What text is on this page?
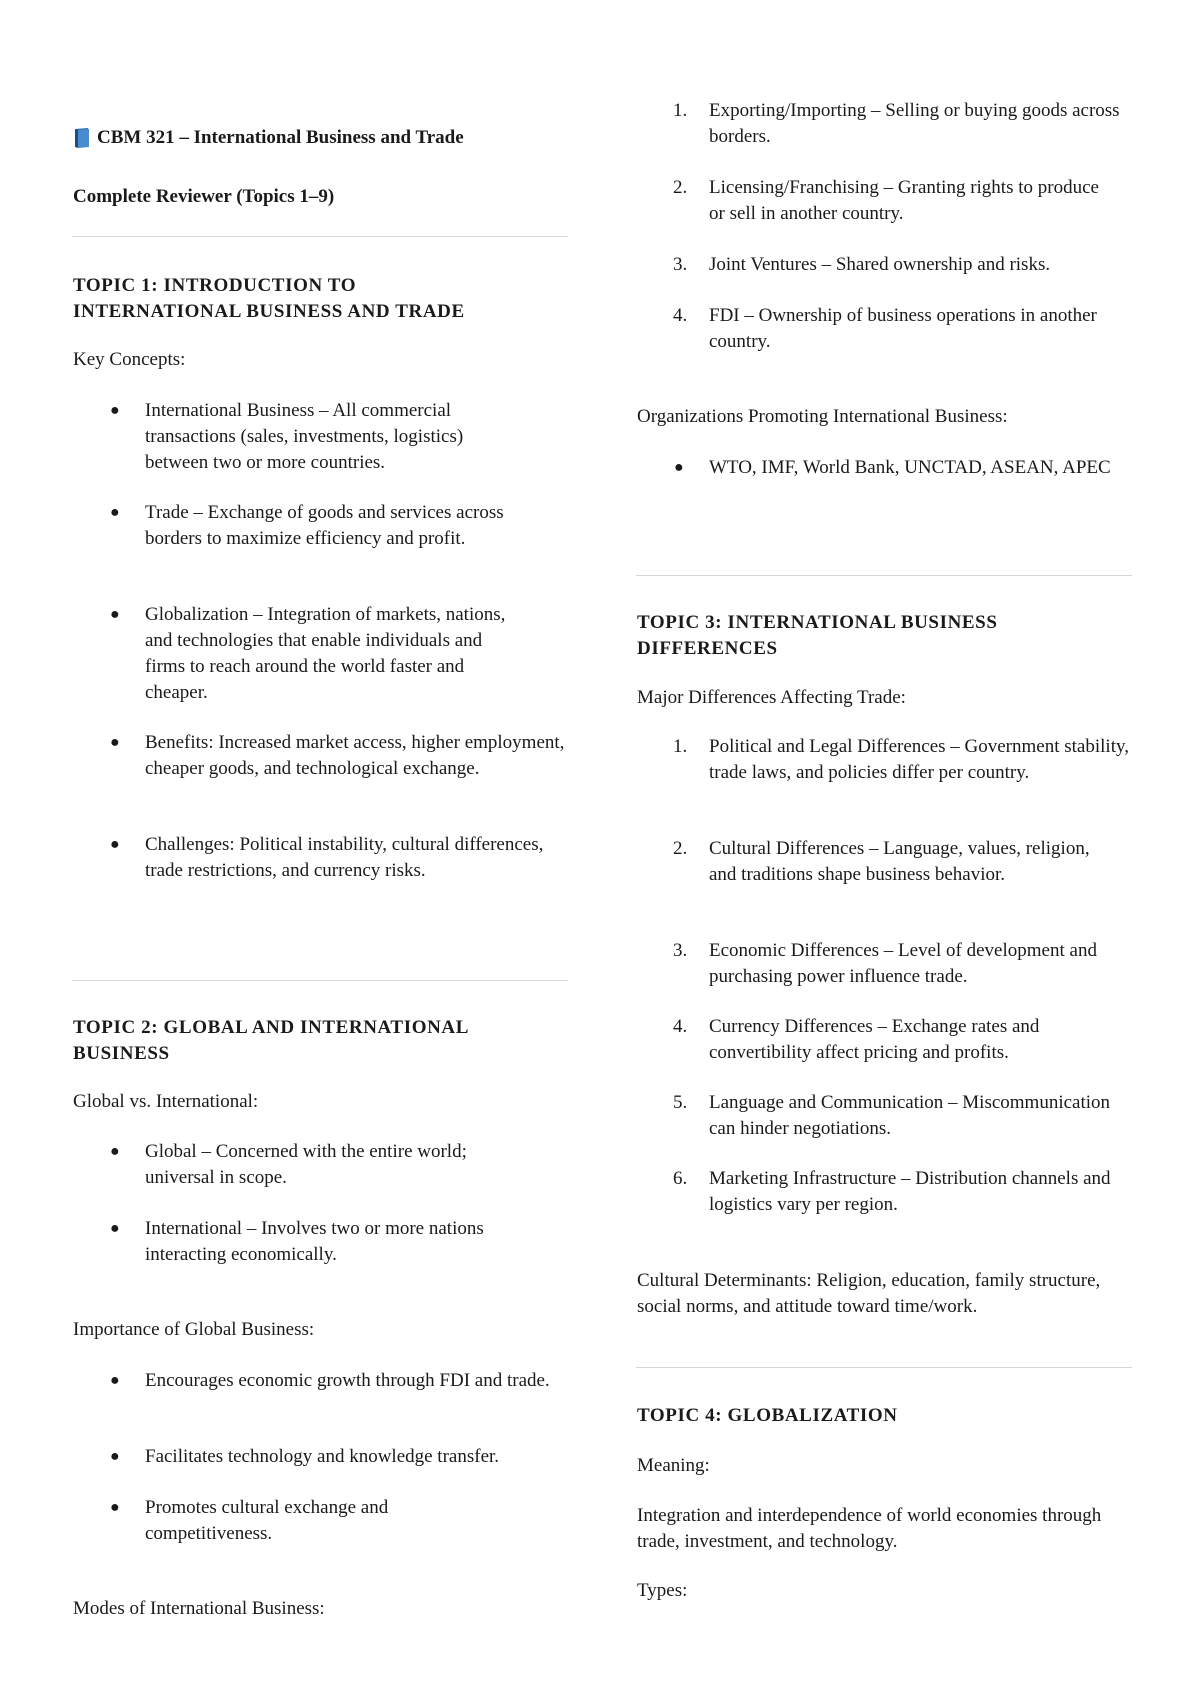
CBM 321 – International Business and Trade
Complete Reviewer (Topics 1–9)
TOPIC 1: INTRODUCTION TO
INTERNATIONAL BUSINESS AND TRADE
Key Concepts:
● International Business – All commercial transactions (sales, investments, logistics) between two or more countries.
● Trade – Exchange of goods and services across borders to maximize efficiency and profit.
● Globalization – Integration of markets, nations, and technologies that enable individuals and firms to reach around the world faster and cheaper.
● Benefits: Increased market access, higher employment, cheaper goods, and technological exchange.
● Challenges: Political instability, cultural differences, trade restrictions, and currency risks.
TOPIC 2: GLOBAL AND INTERNATIONAL
BUSINESS
Global vs. International:
● Global – Concerned with the entire world; universal in scope.
● International – Involves two or more nations interacting economically.
Importance of Global Business:
● Encourages economic growth through FDI and trade.
● Facilitates technology and knowledge transfer.
● Promotes cultural exchange and competitiveness.
Modes of International Business:
1. Exporting/Importing – Selling or buying goods across borders.
2. Licensing/Franchising – Granting rights to produce or sell in another country.
3. Joint Ventures – Shared ownership and risks.
4. FDI – Ownership of business operations in another country.
Organizations Promoting International Business:
● WTO, IMF, World Bank, UNCTAD, ASEAN, APEC
TOPIC 3: INTERNATIONAL BUSINESS
DIFFERENCES
Major Differences Affecting Trade:
1. Political and Legal Differences – Government stability, trade laws, and policies differ per country.
2. Cultural Differences – Language, values, religion, and traditions shape business behavior.
3. Economic Differences – Level of development and purchasing power influence trade.
4. Currency Differences – Exchange rates and convertibility affect pricing and profits.
5. Language and Communication – Miscommunication can hinder negotiations.
6. Marketing Infrastructure – Distribution channels and logistics vary per region.
Cultural Determinants: Religion, education, family structure, social norms, and attitude toward time/work.
TOPIC 4: GLOBALIZATION
Meaning:
Integration and interdependence of world economies through trade, investment, and technology.
Types:
